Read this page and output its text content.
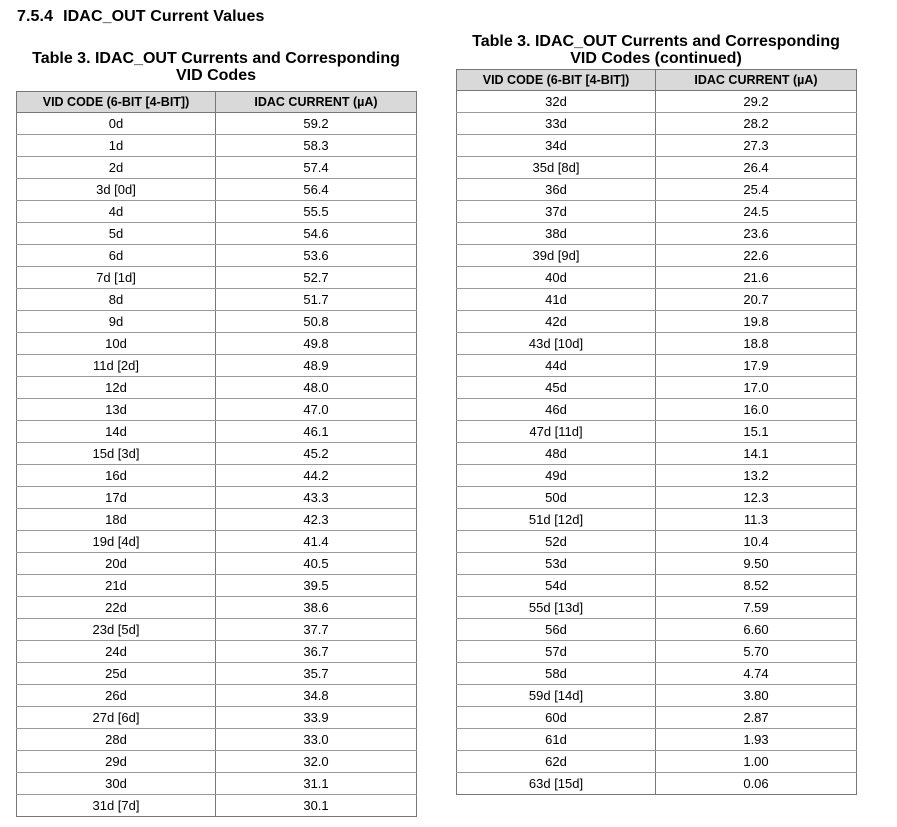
7.5.4 IDAC_OUT Current Values
Table 3. IDAC_OUT Currents and Corresponding VID Codes
VID CODE (6-BIT [4-BIT])	IDAC CURRENT (µA)
0d	59.2
1d	58.3
2d	57.4
3d [0d]	56.4
4d	55.5
5d	54.6
6d	53.6
7d [1d]	52.7
8d	51.7
9d	50.8
10d	49.8
11d [2d]	48.9
12d	48.0
13d	47.0
14d	46.1
15d [3d]	45.2
16d	44.2
17d	43.3
18d	42.3
19d [4d]	41.4
20d	40.5
21d	39.5
22d	38.6
23d [5d]	37.7
24d	36.7
25d	35.7
26d	34.8
27d [6d]	33.9
28d	33.0
29d	32.0
30d	31.1
31d [7d]	30.1
Table 3. IDAC_OUT Currents and Corresponding VID Codes (continued)
VID CODE (6-BIT [4-BIT])	IDAC CURRENT (µA)
32d	29.2
33d	28.2
34d	27.3
35d [8d]	26.4
36d	25.4
37d	24.5
38d	23.6
39d [9d]	22.6
40d	21.6
41d	20.7
42d	19.8
43d [10d]	18.8
44d	17.9
45d	17.0
46d	16.0
47d [11d]	15.1
48d	14.1
49d	13.2
50d	12.3
51d [12d]	11.3
52d	10.4
53d	9.50
54d	8.52
55d [13d]	7.59
56d	6.60
57d	5.70
58d	4.74
59d [14d]	3.80
60d	2.87
61d	1.93
62d	1.00
63d [15d]	0.06
